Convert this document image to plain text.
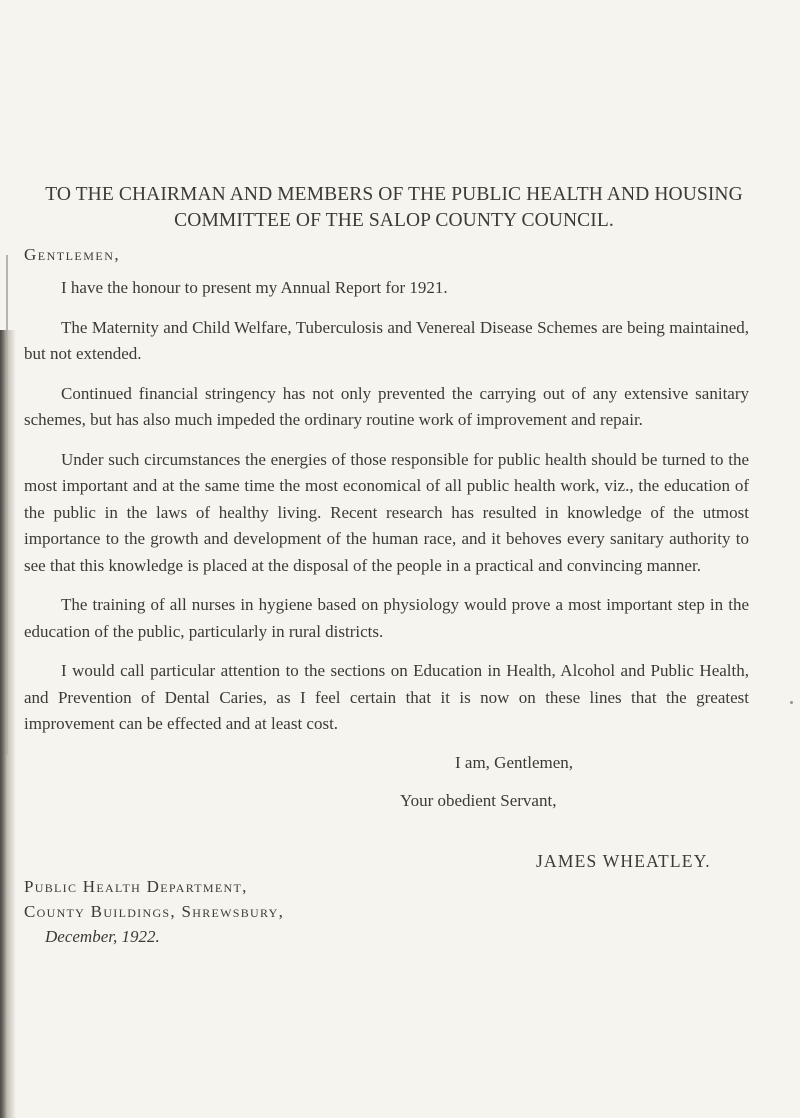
TO THE CHAIRMAN AND MEMBERS OF THE PUBLIC HEALTH AND HOUSING
COMMITTEE OF THE SALOP COUNTY COUNCIL.
Gentlemen,
I have the honour to present my Annual Report for 1921.
The Maternity and Child Welfare, Tuberculosis and Venereal Disease Schemes are being maintained, but not extended.
Continued financial stringency has not only prevented the carrying out of any extensive sanitary schemes, but has also much impeded the ordinary routine work of improvement and repair.
Under such circumstances the energies of those responsible for public health should be turned to the most important and at the same time the most economical of all public health work, viz., the education of the public in the laws of healthy living. Recent research has resulted in knowledge of the utmost importance to the growth and development of the human race, and it behoves every sanitary authority to see that this knowledge is placed at the disposal of the people in a practical and convincing manner.
The training of all nurses in hygiene based on physiology would prove a most important step in the education of the public, particularly in rural districts.
I would call particular attention to the sections on Education in Health, Alcohol and Public Health, and Prevention of Dental Caries, as I feel certain that it is now on these lines that the greatest improvement can be effected and at least cost.
I am, Gentlemen,
Your obedient Servant,
JAMES WHEATLEY.
Public Health Department,
County Buildings, Shrewsbury,
December, 1922.
